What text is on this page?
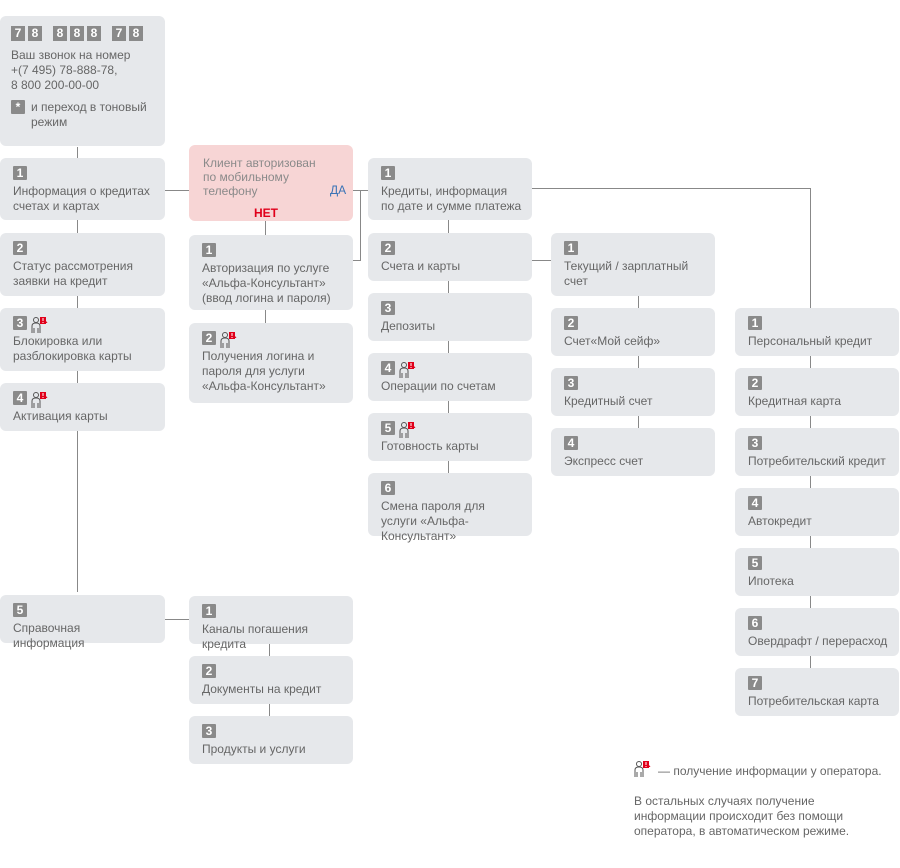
7 8 8 8 8 7 8
Ваш звонок на номер
+(7 495) 78-888-78,
8 800 200-00-00
* и переход в тоновый режим
Клиент авторизован по мобильному телефону	ДА
НЕТ
— получение информации у оператора.
В остальных случаях получение информации происходит без помощи оператора, в автоматическом режиме.
1
Информация о кредитах счетах и картах
2
Статус рассмотрения заявки на кредит
3
Блокировка или разблокировка карты
4
Активация карты
5
Справочная информация
1
Авторизация по услуге «Альфа-Консультант» (ввод логина и пароля)
2
Получения логина и пароля для услуги «Альфа-Консультант»
1
Каналы погашения кредита
2
Документы на кредит
3
Продукты и услуги
1
Кредиты, информация по дате и сумме платежа
2
Счета и карты
3
Депозиты
4
Операции по счетам
5
Готовность карты
6
Смена пароля для услуги «Альфа-Консультант»
1
Текущий / зарплатный счет
2
Счет«Мой сейф»
3
Кредитный счет
4
Экспресс счет
1
Персональный кредит
2
Кредитная карта
3
Потребительский кредит
4
Автокредит
5
Ипотека
6
Овердрафт / перерасход
7
Потребительская карта
